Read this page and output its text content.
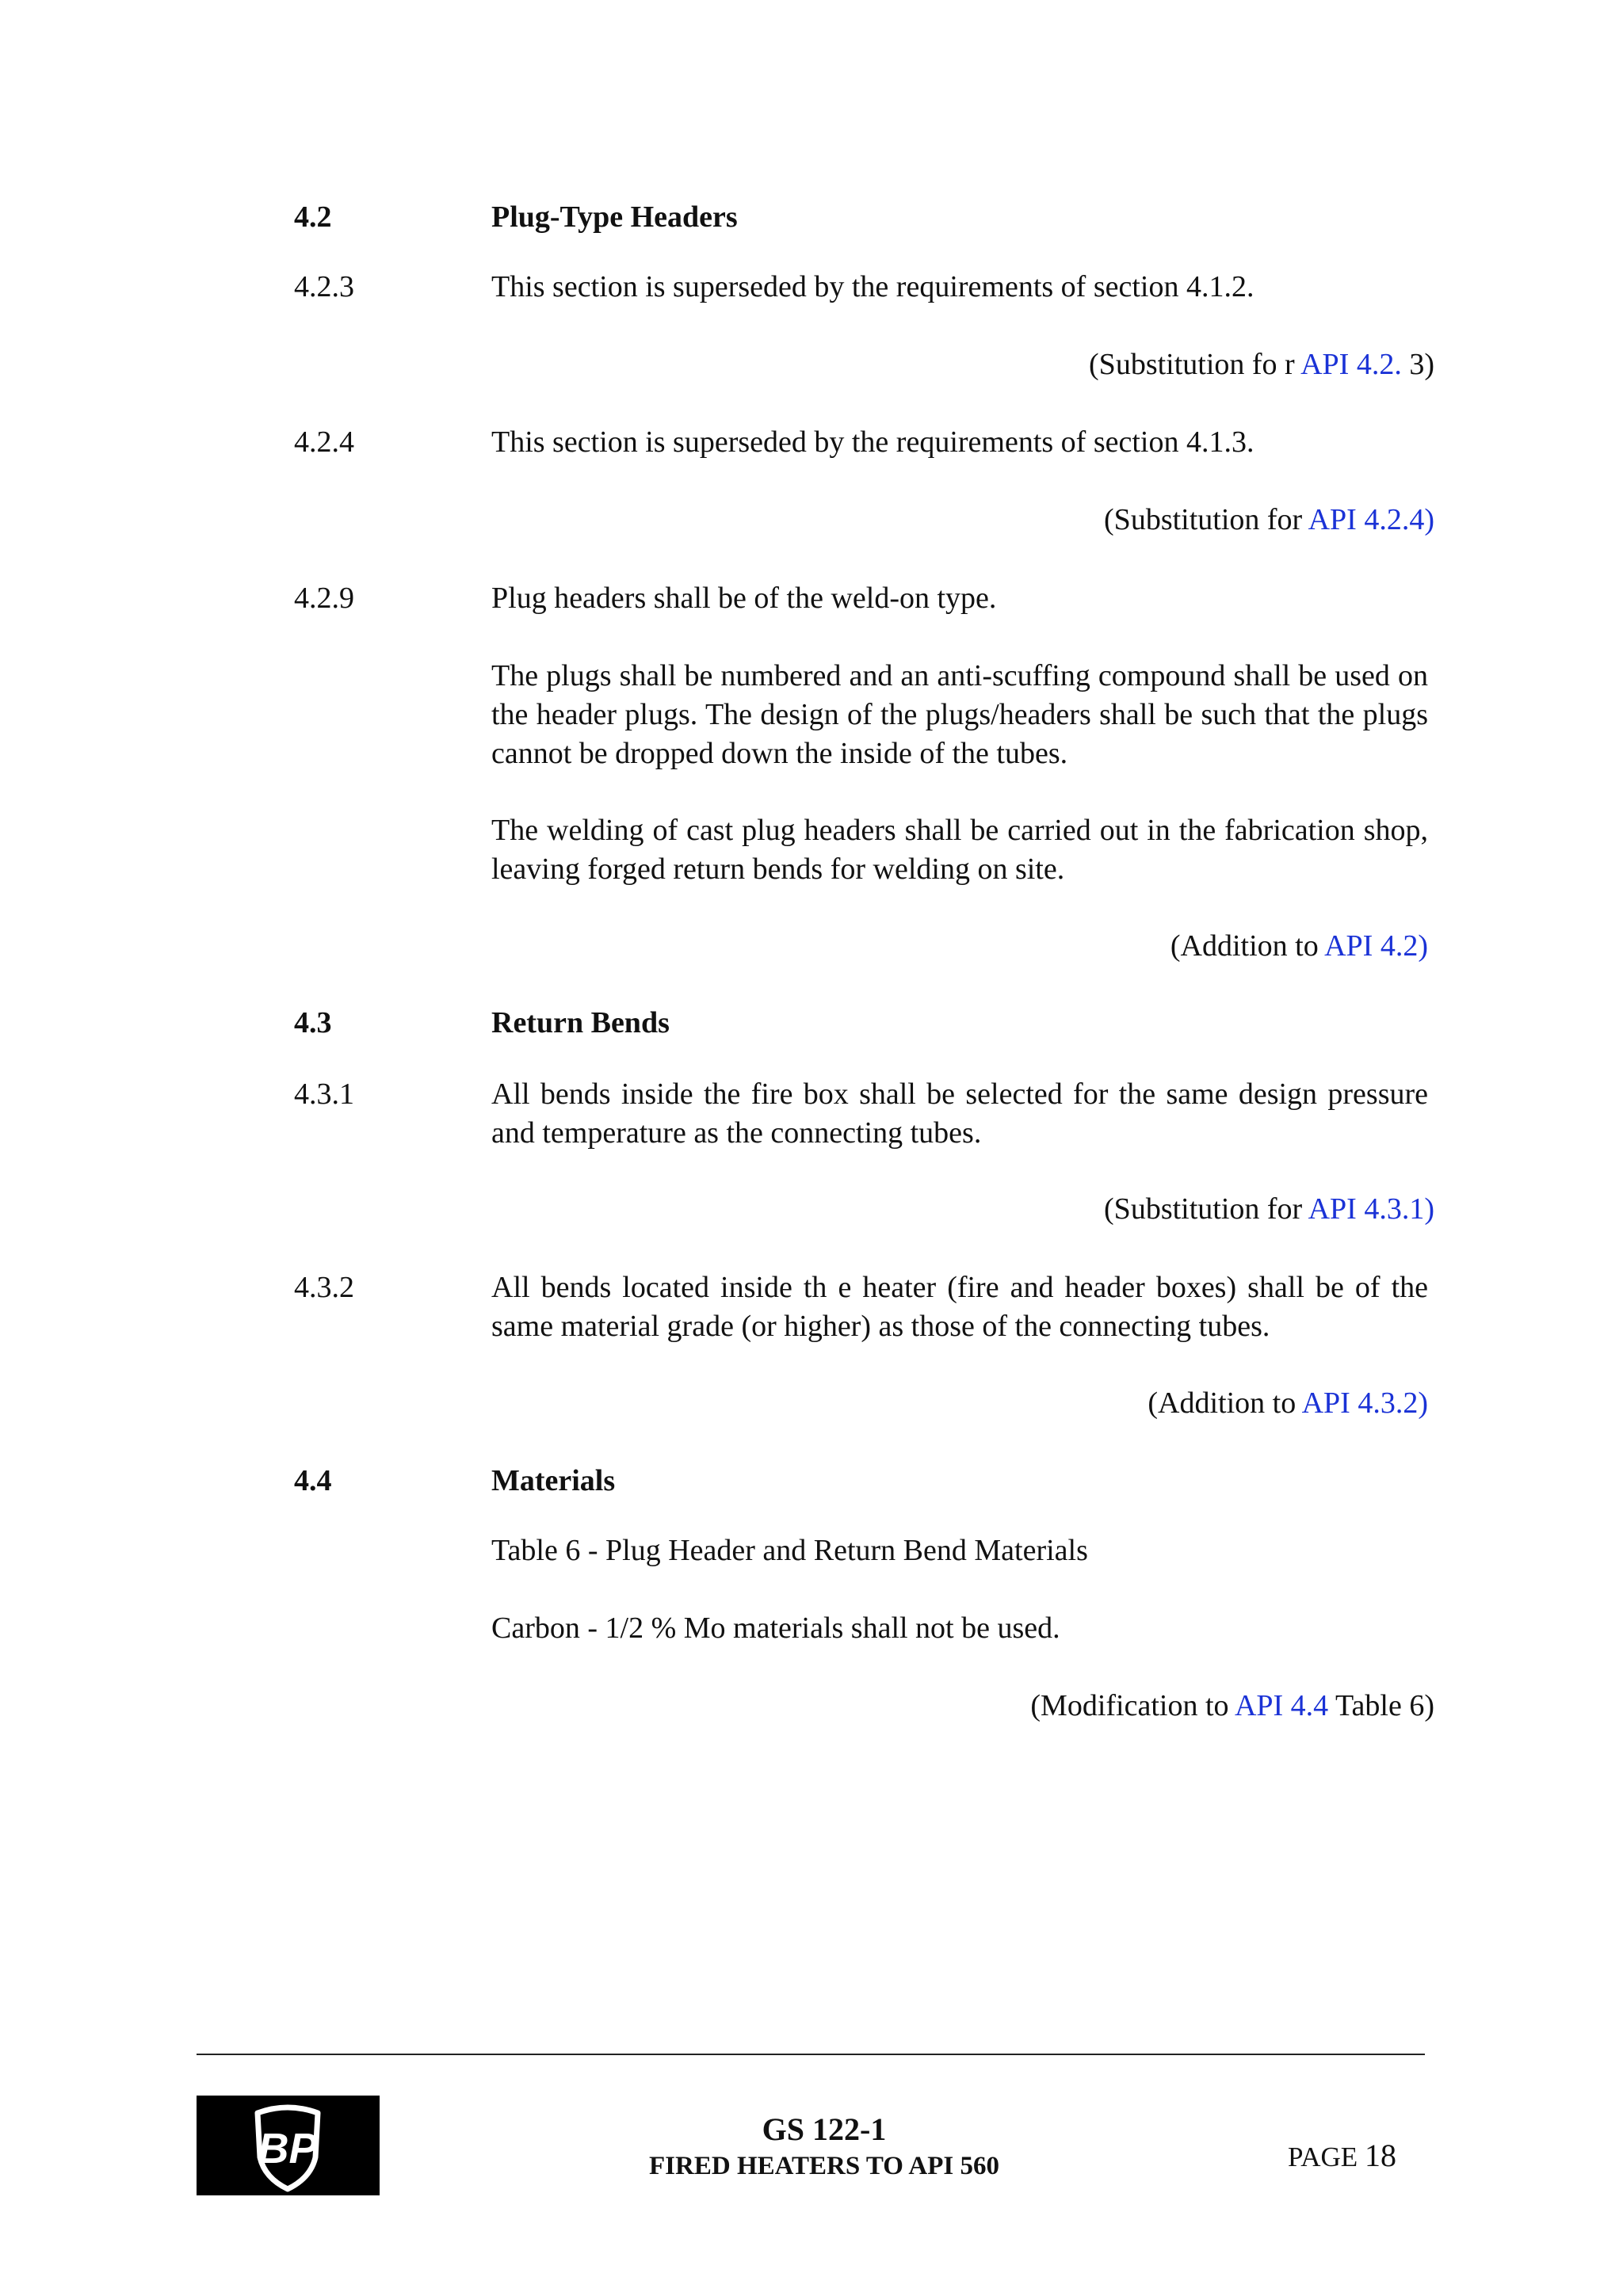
4.2	Plug-Type Headers
4.2.3	This section is superseded by the requirements of section 4.1.2.
(Substitution fo r API 4.2. 3)
4.2.4	This section is superseded by the requirements of section 4.1.3.
(Substitution for API 4.2.4)
4.2.9	Plug headers shall be of the weld-on type.
The plugs shall be numbered and an anti-scuffing compound shall be used on the header plugs. The design of the plugs/headers shall be such that the plugs cannot be dropped down the inside of the tubes.
The welding of cast plug headers shall be carried out in the fabrication shop, leaving forged return bends for welding on site.
(Addition to API 4.2)
4.3	Return Bends
4.3.1	All bends inside the fire box shall be selected for the same design pressure and temperature as the connecting tubes.
(Substitution for API 4.3.1)
4.3.2	All bends located inside th e heater (fire and header boxes) shall be of the same material grade (or higher) as those of the connecting tubes.
(Addition to API 4.3.2)
4.4	Materials
Table 6 - Plug Header and Return Bend Materials
Carbon - 1/2 % Mo materials shall not be used.
(Modification to API 4.4 Table 6)
BP	GS 122-1
FIRED HEATERS TO API 560	PAGE 18
